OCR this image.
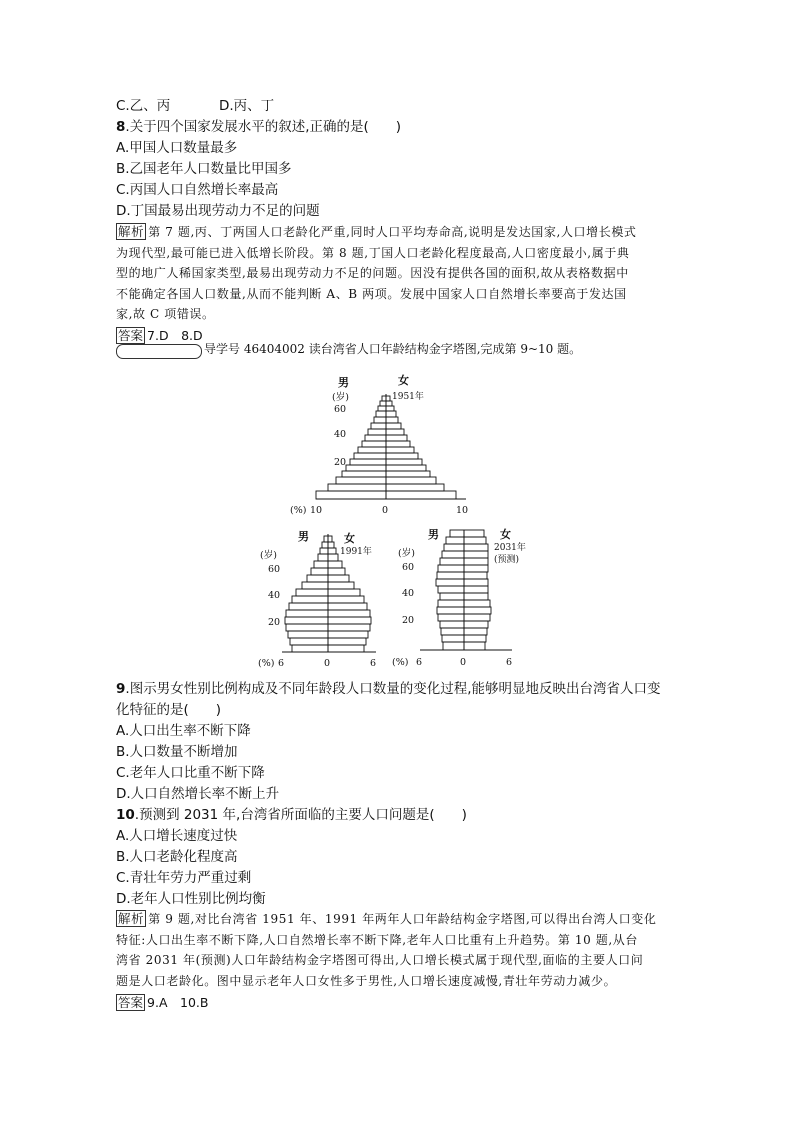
C.乙、丙	D.丙、丁
8.关于四个国家发展水平的叙述,正确的是(　　)
A.甲国人口数量最多
B.乙国老年人口数量比甲国多
C.丙国人口自然增长率最高
D.丁国最易出现劳动力不足的问题
解析 第 7 题,丙、丁两国人口老龄化严重,同时人口平均寿命高,说明是发达国家,人口增长模式
为现代型,最可能已进入低增长阶段。第 8 题,丁国人口老龄化程度最高,人口密度最小,属于典
型的地广人稀国家类型,最易出现劳动力不足的问题。因没有提供各国的面积,故从表格数据中
不能确定各国人口数量,从而不能判断 A、B 两项。发展中国家人口自然增长率要高于发达国
家,故 C 项错误。
答案 7.D　8.D
导学号 46404002 读台湾省人口年龄结构金字塔图,完成第 9~10 题。
男	女
(岁)	1951年
60
40
20
(%) 10	0	10
男	女
(岁)	1991年
60
40
20
(%) 6	0	6
男	女
(岁)	2031年
(预测)
60
40
20
(%) 6	0	6
9.图示男女性别比例构成及不同年龄段人口数量的变化过程,能够明显地反映出台湾省人口变
化特征的是(　　)
A.人口出生率不断下降
B.人口数量不断增加
C.老年人口比重不断下降
D.人口自然增长率不断上升
10.预测到 2031 年,台湾省所面临的主要人口问题是(　　)
A.人口增长速度过快
B.人口老龄化程度高
C.青壮年劳力严重过剩
D.老年人口性别比例均衡
解析 第 9 题,对比台湾省 1951 年、1991 年两年人口年龄结构金字塔图,可以得出台湾人口变化
特征:人口出生率不断下降,人口自然增长率不断下降,老年人口比重有上升趋势。第 10 题,从台
湾省 2031 年(预测)人口年龄结构金字塔图可得出,人口增长模式属于现代型,面临的主要人口问
题是人口老龄化。图中显示老年人口女性多于男性,人口增长速度减慢,青壮年劳动力减少。
答案 9.A　10.B
